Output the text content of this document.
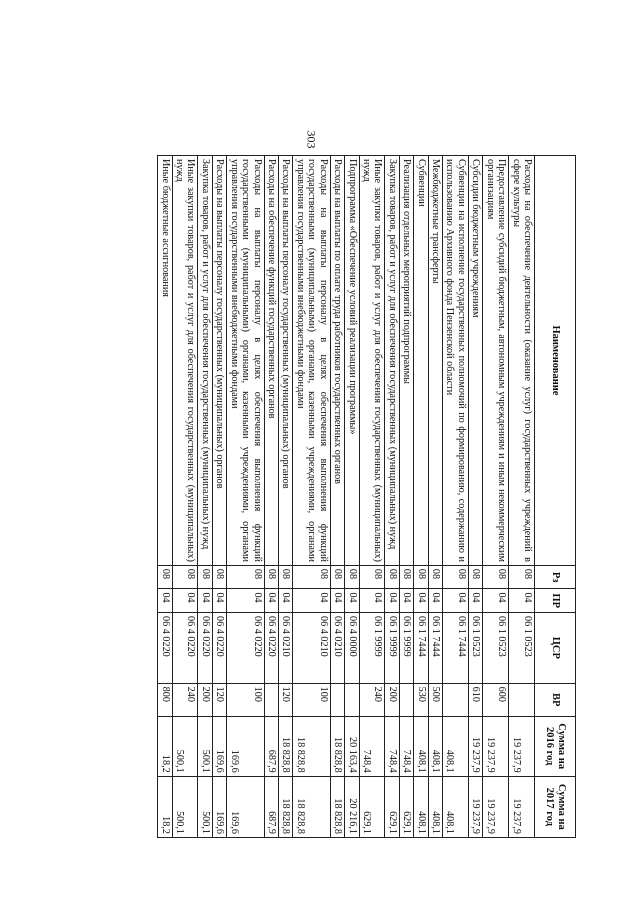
303
Наименование	Рз	ПР	ЦСР	ВР	Сумма на 2016 год	Сумма на 2017 год
Расходы на обеспечение деятельности (оказание услуг) государственных учреждений в сфере культуры	08	04	06 1 0523		19 237,9	19 237,9
Предоставление субсидий бюджетным, автономным учреждениям и иным некоммерческим организациям	08	04	06 1 0523	600	19 237,9	19 237,9
Субсидии бюджетным учреждениям	08	04	06 1 0523	610	19 237,9	19 237,9
Субвенции на исполнение государственных полномочий по формированию, содержанию и использованию Архивного фонда Пензенской области	08	04	06 1 7444		408,1	408,1
Межбюджетные трансферты	08	04	06 1 7444	500	408,1	408,1
Субвенции	08	04	06 1 7444	530	408,1	408,1
Реализация отдельных мероприятий подпрограммы	08	04	06 1 9999		748,4	629,1
Закупка товаров, работ и услуг для обеспечения государственных (муниципальных) нужд	08	04	06 1 9999	200	748,4	629,1
Иные закупки товаров, работ и услуг для обеспечения государственных (муниципальных) нужд	08	04	06 1 9999	240	748,4	629,1
Подпрограмма «Обеспечение условий реализации программы»	08	04	06 4 0000		20 163,4	20 216,1
Расходы на выплаты по оплате труда работников государственных органов	08	04	06 4 0210		18 828,8	18 828,8
Расходы на выплаты персоналу в целях обеспечения выполнения функций государственными (муниципальными) органами, казенными учреждениями, органами управления государственными внебюджетными фондами	08	04	06 4 0210	100	18 828,8	18 828,8
Расходы на выплаты персоналу государственных (муниципальных) органов	08	04	06 4 0210	120	18 828,8	18 828,8
Расходы на обеспечение функций государственных органов	08	04	06 4 0220		687,9	687,9
Расходы на выплаты персоналу в целях обеспечения выполнения функций государственными (муниципальными) органами, казенными учреждениями, органами управления государственными внебюджетными фондами	08	04	06 4 0220	100	169,6	169,6
Расходы на выплаты персоналу государственных (муниципальных) органов	08	04	06 4 0220	120	169,6	169,6
Закупка товаров, работ и услуг для обеспечения государственных (муниципальных) нужд	08	04	06 4 0220	200	500,1	500,1
Иные закупки товаров, работ и услуг для обеспечения государственных (муниципальных) нужд	08	04	06 4 0220	240	500,1	500,1
Иные бюджетные ассигнования	08	04	06 4 0220	800	18,2	18,2
